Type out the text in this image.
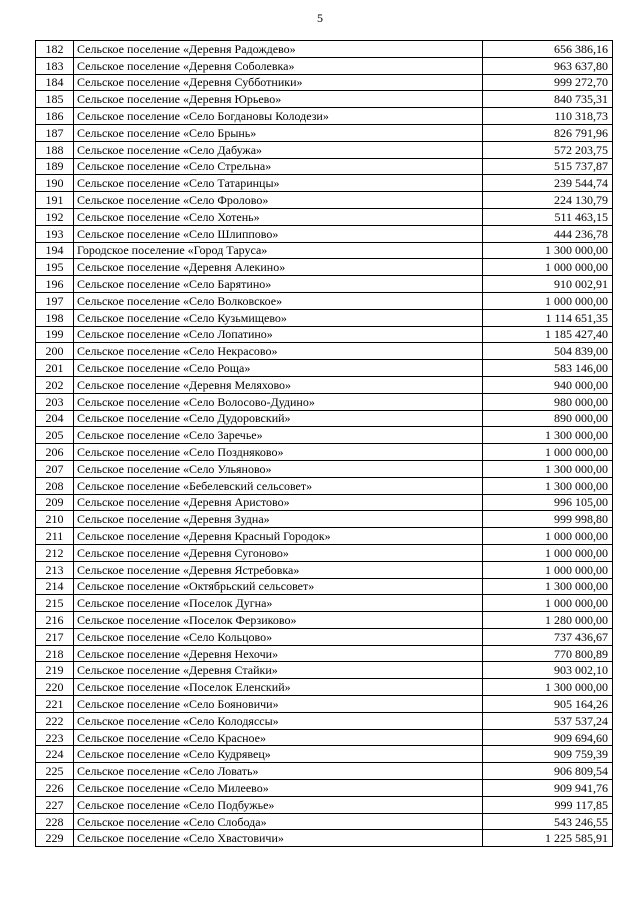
5
182	Сельское поселение «Деревня Радождево»	656 386,16
183	Сельское поселение «Деревня Соболевка»	963 637,80
184	Сельское поселение «Деревня Субботники»	999 272,70
185	Сельское поселение «Деревня Юрьево»	840 735,31
186	Сельское поселение «Село Богдановы Колодези»	110 318,73
187	Сельское поселение «Село Брынь»	826 791,96
188	Сельское поселение «Село Дабужа»	572 203,75
189	Сельское поселение «Село Стрельна»	515 737,87
190	Сельское поселение «Село Татаринцы»	239 544,74
191	Сельское поселение «Село Фролово»	224 130,79
192	Сельское поселение «Село Хотень»	511 463,15
193	Сельское поселение «Село Шлиппово»	444 236,78
194	Городское поселение «Город Таруса»	1 300 000,00
195	Сельское поселение «Деревня Алекино»	1 000 000,00
196	Сельское поселение «Село Барятино»	910 002,91
197	Сельское поселение «Село Волковское»	1 000 000,00
198	Сельское поселение «Село Кузьмищево»	1 114 651,35
199	Сельское поселение «Село Лопатино»	1 185 427,40
200	Сельское поселение «Село Некрасово»	504 839,00
201	Сельское поселение «Село Роща»	583 146,00
202	Сельское поселение «Деревня Меляхово»	940 000,00
203	Сельское поселение «Село Волосово-Дудино»	980 000,00
204	Сельское поселение «Село Дудоровский»	890 000,00
205	Сельское поселение «Село Заречье»	1 300 000,00
206	Сельское поселение «Село Поздняково»	1 000 000,00
207	Сельское поселение «Село Ульяново»	1 300 000,00
208	Сельское поселение «Бебелевский сельсовет»	1 300 000,00
209	Сельское поселение «Деревня Аристово»	996 105,00
210	Сельское поселение «Деревня Зудна»	999 998,80
211	Сельское поселение «Деревня Красный Городок»	1 000 000,00
212	Сельское поселение «Деревня Сугоново»	1 000 000,00
213	Сельское поселение «Деревня Ястребовка»	1 000 000,00
214	Сельское поселение «Октябрьский сельсовет»	1 300 000,00
215	Сельское поселение «Поселок Дугна»	1 000 000,00
216	Сельское поселение «Поселок Ферзиково»	1 280 000,00
217	Сельское поселение «Село Кольцово»	737 436,67
218	Сельское поселение «Деревня Нехочи»	770 800,89
219	Сельское поселение «Деревня Стайки»	903 002,10
220	Сельское поселение «Поселок Еленский»	1 300 000,00
221	Сельское поселение «Село Бояновичи»	905 164,26
222	Сельское поселение «Село Колодяссы»	537 537,24
223	Сельское поселение «Село Красное»	909 694,60
224	Сельское поселение «Село Кудрявец»	909 759,39
225	Сельское поселение «Село Ловать»	906 809,54
226	Сельское поселение «Село Милеево»	909 941,76
227	Сельское поселение «Село Подбужье»	999 117,85
228	Сельское поселение «Село Слобода»	543 246,55
229	Сельское поселение «Село Хвастовичи»	1 225 585,91
